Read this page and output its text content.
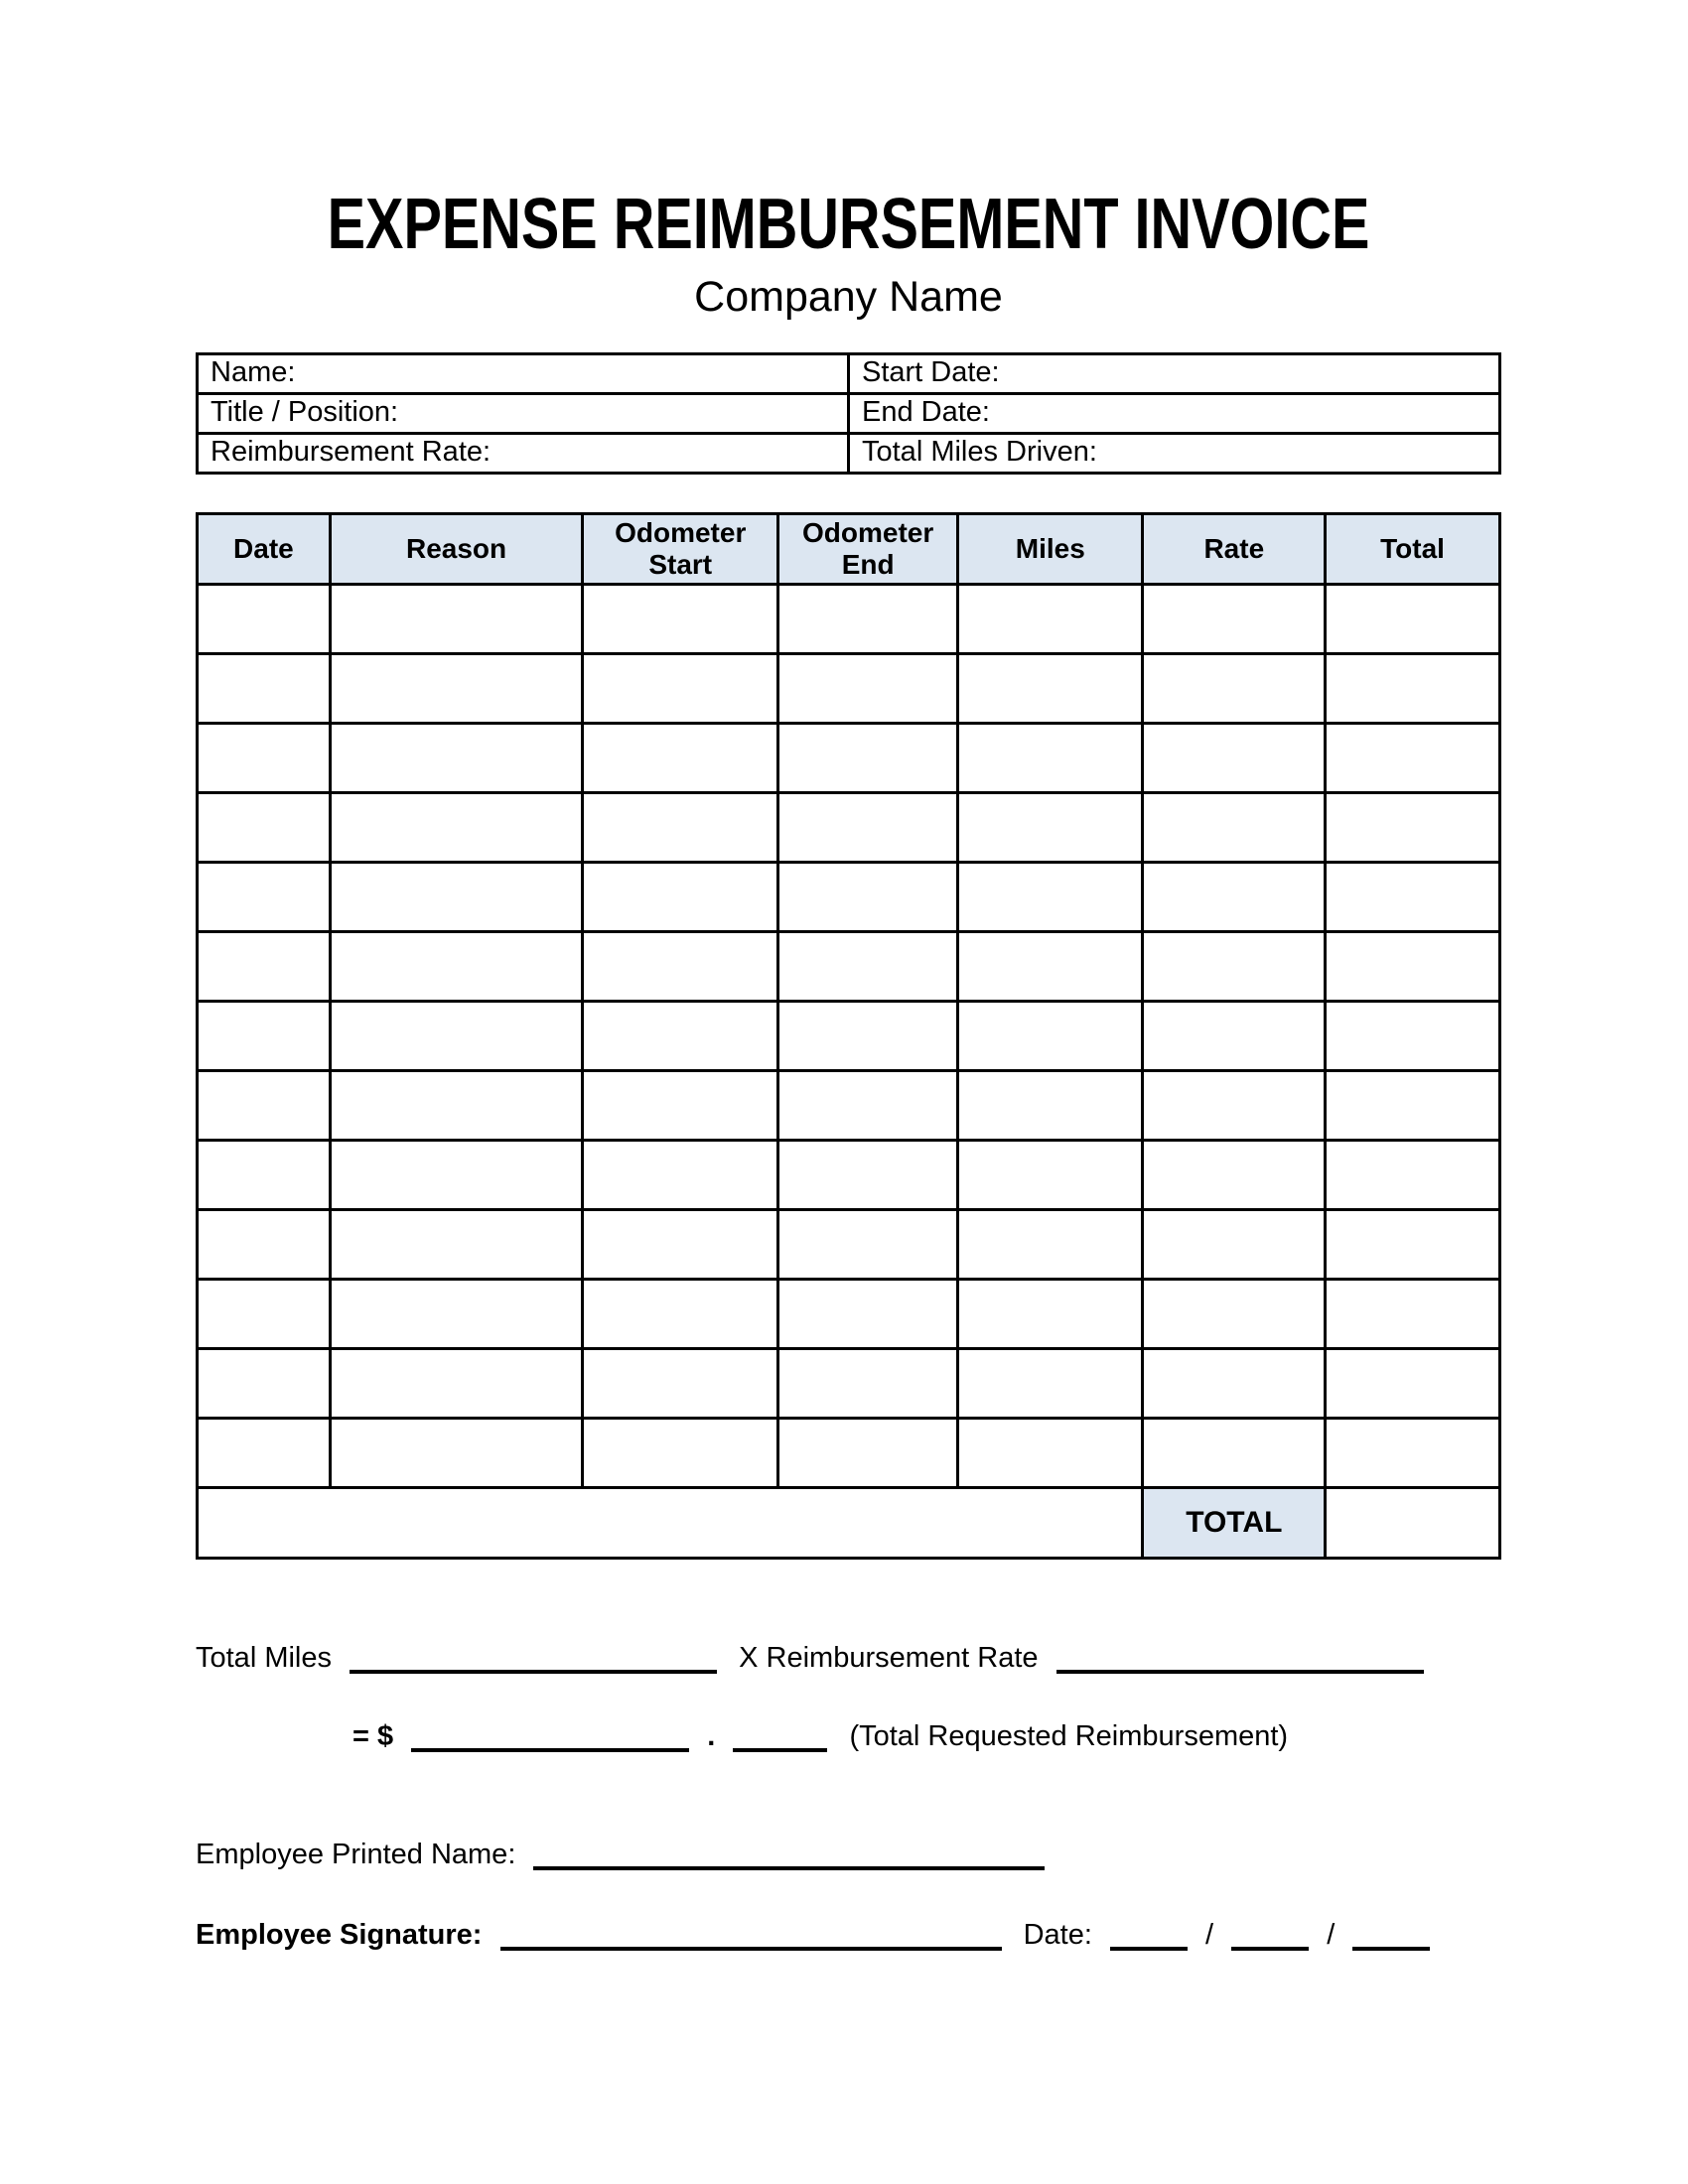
EXPENSE REIMBURSEMENT INVOICE
Company Name
Name:	Start Date:
Title / Position:	End Date:
Reimbursement Rate:	Total Miles Driven:
Date	Reason	Odometer Start	Odometer End	Miles	Rate	Total

					TOTAL	
Total Miles	X Reimbursement Rate
= $	.	(Total Requested Reimbursement)
Employee Printed Name:
Employee Signature:	Date:	/	/
